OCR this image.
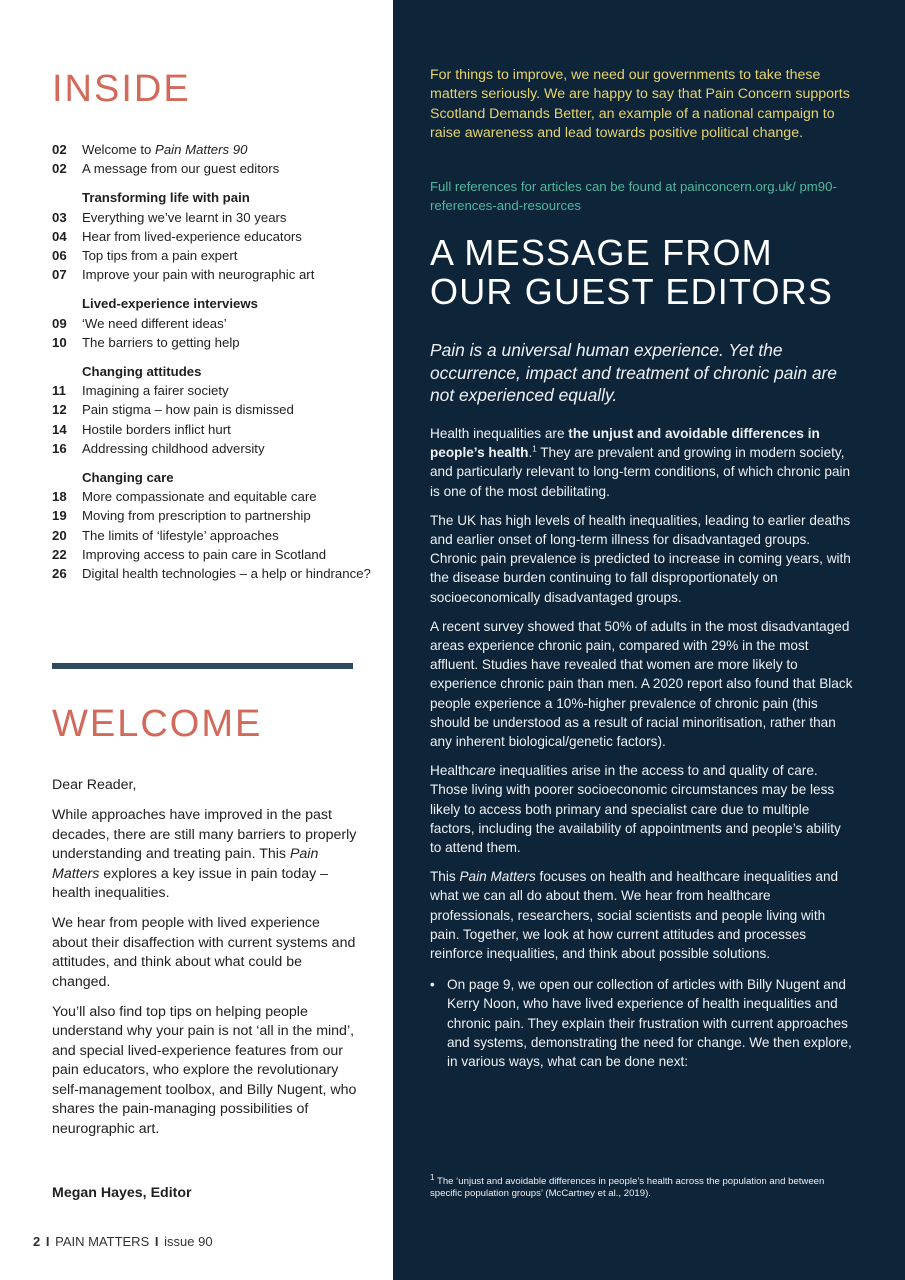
INSIDE
02	Welcome to Pain Matters 90
02	A message from our guest editors
Transforming life with pain
03	Everything we’ve learnt in 30 years
04	Hear from lived-experience educators
06	Top tips from a pain expert
07	Improve your pain with neurographic art
Lived-experience interviews
09	‘We need different ideas’
10	The barriers to getting help
Changing attitudes
11	Imagining a fairer society
12	Pain stigma – how pain is dismissed
14	Hostile borders inflict hurt
16	Addressing childhood adversity
Changing care
18	More compassionate and equitable care
19	Moving from prescription to partnership
20	The limits of ‘lifestyle’ approaches
22	Improving access to pain care in Scotland
26	Digital health technologies – a help or hindrance?
WELCOME

Dear Reader,

While approaches have improved in the past decades, there are still many barriers to properly understanding and treating pain. This Pain Matters explores a key issue in pain today – health inequalities.

We hear from people with lived experience about their disaffection with current systems and attitudes, and think about what could be changed.

You’ll also find top tips on helping people understand why your pain is not ‘all in the mind’, and special lived-experience features from our pain educators, who explore the revolutionary self-management toolbox, and Billy Nugent, who shares the pain-managing possibilities of neurographic art.

Megan Hayes, Editor

2 I PAIN MATTERS I issue 90

For things to improve, we need our governments to take these matters seriously. We are happy to say that Pain Concern supports Scotland Demands Better, an example of a national campaign to raise awareness and lead towards positive political change.

Full references for articles can be found at painconcern.org.uk/ pm90-references-and-resources

A MESSAGE FROM OUR GUEST EDITORS

Pain is a universal human experience. Yet the occurrence, impact and treatment of chronic pain are not experienced equally.

Health inequalities are the unjust and avoidable differences in people’s health.$^1$ They are prevalent and growing in modern society, and particularly relevant to long-term conditions, of which chronic pain is one of the most debilitating.

The UK has high levels of health inequalities, leading to earlier deaths and earlier onset of long-term illness for disadvantaged groups. Chronic pain prevalence is predicted to increase in coming years, with the disease burden continuing to fall disproportionately on socioeconomically disadvantaged groups.

A recent survey showed that 50% of adults in the most disadvantaged areas experience chronic pain, compared with 29% in the most affluent. Studies have revealed that women are more likely to experience chronic pain than men. A 2020 report also found that Black people experience a 10%-higher prevalence of chronic pain (this should be understood as a result of racial minoritisation, rather than any inherent biological/genetic factors).

Healthcare inequalities arise in the access to and quality of care. Those living with poorer socioeconomic circumstances may be less likely to access both primary and specialist care due to multiple factors, including the availability of appointments and people’s ability to attend them.

This Pain Matters focuses on health and healthcare inequalities and what we can all do about them. We hear from healthcare professionals, researchers, social scientists and people living with pain. Together, we look at how current attitudes and processes reinforce inequalities, and think about possible solutions.

• On page 9, we open our collection of articles with Billy Nugent and Kerry Noon, who have lived experience of health inequalities and chronic pain. They explain their frustration with current approaches and systems, demonstrating the need for change. We then explore, in various ways, what can be done next:

$^1$ The ‘unjust and avoidable differences in people’s health across the population and between specific population groups’ (McCartney et al., 2019).
